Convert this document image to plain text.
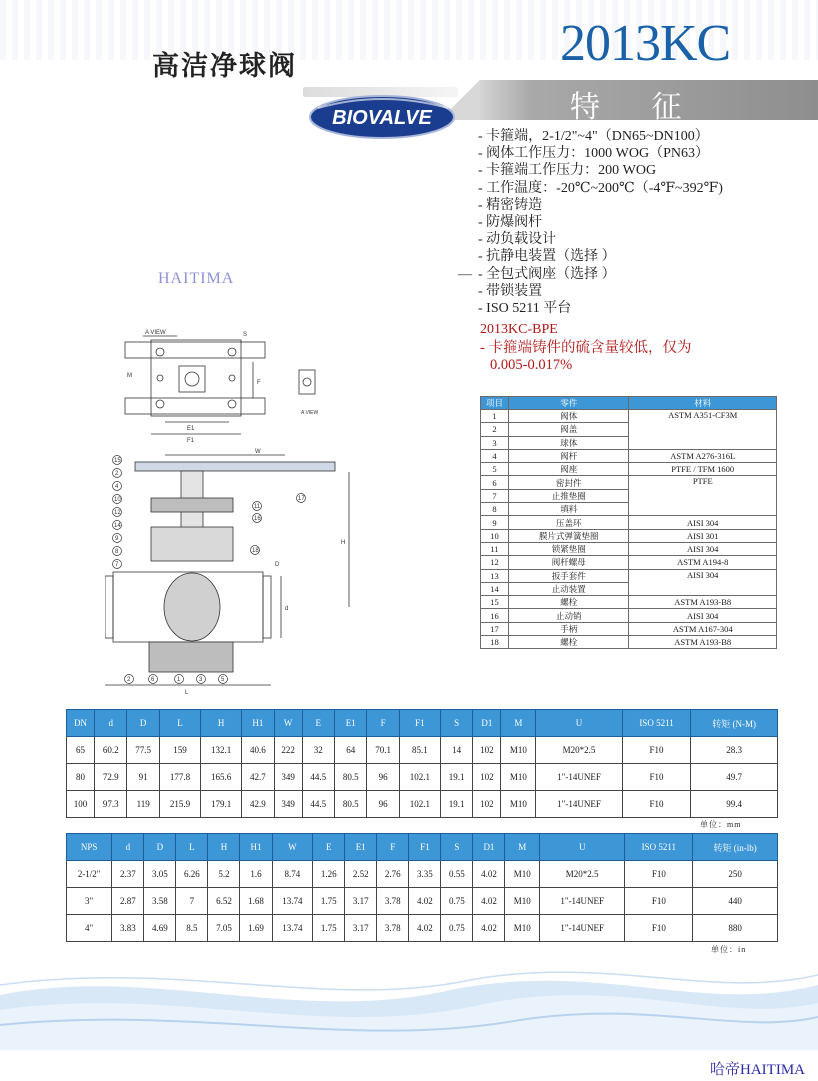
高洁净球阀	2013KC
特 征
BIOVALVE
- 卡箍端，2-1/2"~4"（DN65~DN100）
- 阀体工作压力：1000 WOG（PN63）
- 卡箍端工作压力：200 WOG
- 工作温度：-20℃~200℃（-4℉~392℉)
- 精密铸造
- 防爆阀杆
- 动负载设计
- 抗静电装置（选择 ）
- 全包式阀座（选择 ）
- 带锁装置
- ISO 5211 平台
HAITIMA	—
2013KC-BPE
- 卡箍端铸件的硫含量较低，仅为
0.005-0.017%
A VIEW
E1
F1
F
A VIEW
W
L
H
d
15
2
4
10
12
14
9
8
7
11
16
17
18
2	6	1	3	5
M
S
D
项目	零件	材料
1	阀体	ASTM A351-CF3M
2	阀盖	
3	球体	
4	阀杆	ASTM A276-316L
5	阀座	PTFE / TFM 1600
6	密封件	PTFE
7	止推垫圈	
8	填料	
9	压盖环	AISI 304
10	膜片式弹簧垫圈	AISI 301
11	锁紧垫圈	AISI 304
12	阀杆螺母	ASTM A194-8
13	扳手套件	AISI 304
14	止动装置	
15	螺栓	ASTM A193-B8
16	止动销	AISI 304
17	手柄	ASTM A167-304
18	螺栓	ASTM A193-B8
DN	d	D	L	H	H1	W	E	E1	F	F1	S	D1	M	U	ISO 5211	转矩 (N-M)
65	60.2	77.5	159	132.1	40.6	222	32	64	70.1	85.1	14	102	M10	M20*2.5	F10	28.3
80	72.9	91	177.8	165.6	42.7	349	44.5	80.5	96	102.1	19.1	102	M10	1"-14UNEF	F10	49.7
100	97.3	119	215.9	179.1	42.9	349	44.5	80.5	96	102.1	19.1	102	M10	1"-14UNEF	F10	99.4
单位：mm
NPS	d	D	L	H	H1	W	E	E1	F	F1	S	D1	M	U	ISO 5211	转矩 (in-lb)
2-1/2"	2.37	3.05	6.26	5.2	1.6	8.74	1.26	2.52	2.76	3.35	0.55	4.02	M10	M20*2.5	F10	250
3"	2.87	3.58	7	6.52	1.68	13.74	1.75	3.17	3.78	4.02	0.75	4.02	M10	1"-14UNEF	F10	440
4"	3.83	4.69	8.5	7.05	1.69	13.74	1.75	3.17	3.78	4.02	0.75	4.02	M10	1"-14UNEF	F10	880
单位：in
哈帝HAITIMA
